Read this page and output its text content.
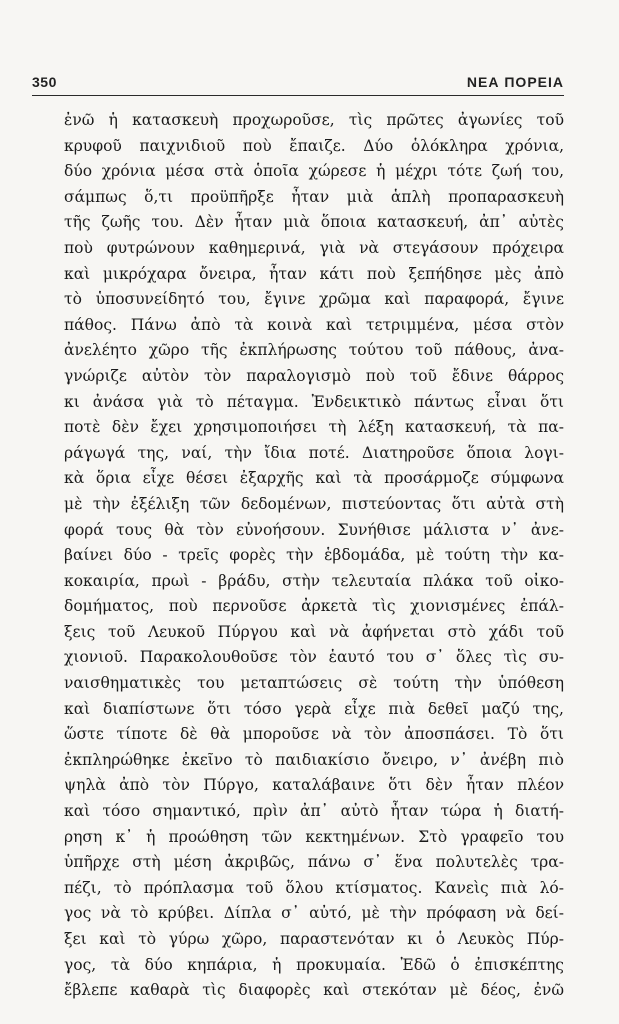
350	ΝΕΑ ΠΟΡΕΙΑ
ἐνῶ ἡ κατασκευὴ προχωροῦσε, τὶς πρῶτες ἀγωνίες τοῦ
κρυφοῦ παιχνιδιοῦ ποὺ ἔπαιζε. Δύο ὁλόκληρα χρόνια,
δύο χρόνια μέσα στὰ ὁποῖα χώρεσε ἡ μέχρι τότε ζωή του,
σάμπως ὅ,τι προϋπῆρξε ἦταν μιὰ ἁπλὴ προπαρασκευὴ
τῆς ζωῆς του. Δὲν ἦταν μιὰ ὅποια κατασκευή, ἀπ᾽ αὐτὲς
ποὺ φυτρώνουν καθημερινά, γιὰ νὰ στεγάσουν πρόχειρα
καὶ μικρόχαρα ὄνειρα, ἦταν κάτι ποὺ ξεπήδησε μὲς ἀπὸ
τὸ ὑποσυνείδητό του, ἔγινε χρῶμα καὶ παραφορά, ἔγινε
πάθος. Πάνω ἀπὸ τὰ κοινὰ καὶ τετριμμένα, μέσα στὸν
ἀνελέητο χῶρο τῆς ἐκπλήρωσης τούτου τοῦ πάθους, ἀνα-
γνώριζε αὐτὸν τὸν παραλογισμὸ ποὺ τοῦ ἔδινε θάρρος
κι ἀνάσα γιὰ τὸ πέταγμα. Ἐνδεικτικὸ πάντως εἶναι ὅτι
ποτὲ δὲν ἔχει χρησιμοποιήσει τὴ λέξη κατασκευή, τὰ πα-
ράγωγά της, ναί, τὴν ἴδια ποτέ. Διατηροῦσε ὅποια λογι-
κὰ ὅρια εἶχε θέσει ἐξαρχῆς καὶ τὰ προσάρμοζε σύμφωνα
μὲ τὴν ἐξέλιξη τῶν δεδομένων, πιστεύοντας ὅτι αὐτὰ στὴ
φορά τους θὰ τὸν εὐνοήσουν. Συνήθισε μάλιστα ν᾽ ἀνε-
βαίνει δύο - τρεῖς φορὲς τὴν ἑβδομάδα, μὲ τούτη τὴν κα-
κοκαιρία, πρωὶ - βράδυ, στὴν τελευταία πλάκα τοῦ οἰκο-
δομήματος, ποὺ περνοῦσε ἀρκετὰ τὶς χιονισμένες ἐπάλ-
ξεις τοῦ Λευκοῦ Πύργου καὶ νὰ ἀφήνεται στὸ χάδι τοῦ
χιονιοῦ. Παρακολουθοῦσε τὸν ἑαυτό του σ᾽ ὅλες τὶς συ-
ναισθηματικὲς του μεταπτώσεις σὲ τούτη τὴν ὑπόθεση
καὶ διαπίστωνε ὅτι τόσο γερὰ εἶχε πιὰ δεθεῖ μαζύ της,
ὥστε τίποτε δὲ θὰ μποροῦσε νὰ τὸν ἀποσπάσει. Τὸ ὅτι
ἐκπληρώθηκε ἐκεῖνο τὸ παιδιακίσιο ὄνειρο, ν᾽ ἀνέβη πιὸ
ψηλὰ ἀπὸ τὸν Πύργο, καταλάβαινε ὅτι δὲν ἦταν πλέον
καὶ τόσο σημαντικό, πρὶν ἀπ᾽ αὐτὸ ἦταν τώρα ἡ διατή-
ρηση κ᾽ ἡ προώθηση τῶν κεκτημένων. Στὸ γραφεῖο του
ὑπῆρχε στὴ μέση ἀκριβῶς, πάνω σ᾽ ἕνα πολυτελὲς τρα-
πέζι, τὸ πρόπλασμα τοῦ ὅλου κτίσματος. Κανεὶς πιὰ λό-
γος νὰ τὸ κρύβει. Δίπλα σ᾽ αὐτό, μὲ τὴν πρόφαση νὰ δεί-
ξει καὶ τὸ γύρω χῶρο, παραστενόταν κι ὁ Λευκὸς Πύρ-
γος, τὰ δύο κηπάρια, ἡ προκυμαία. Ἐδῶ ὁ ἐπισκέπτης
ἔβλεπε καθαρὰ τὶς διαφορὲς καὶ στεκόταν μὲ δέος, ἐνῶ
